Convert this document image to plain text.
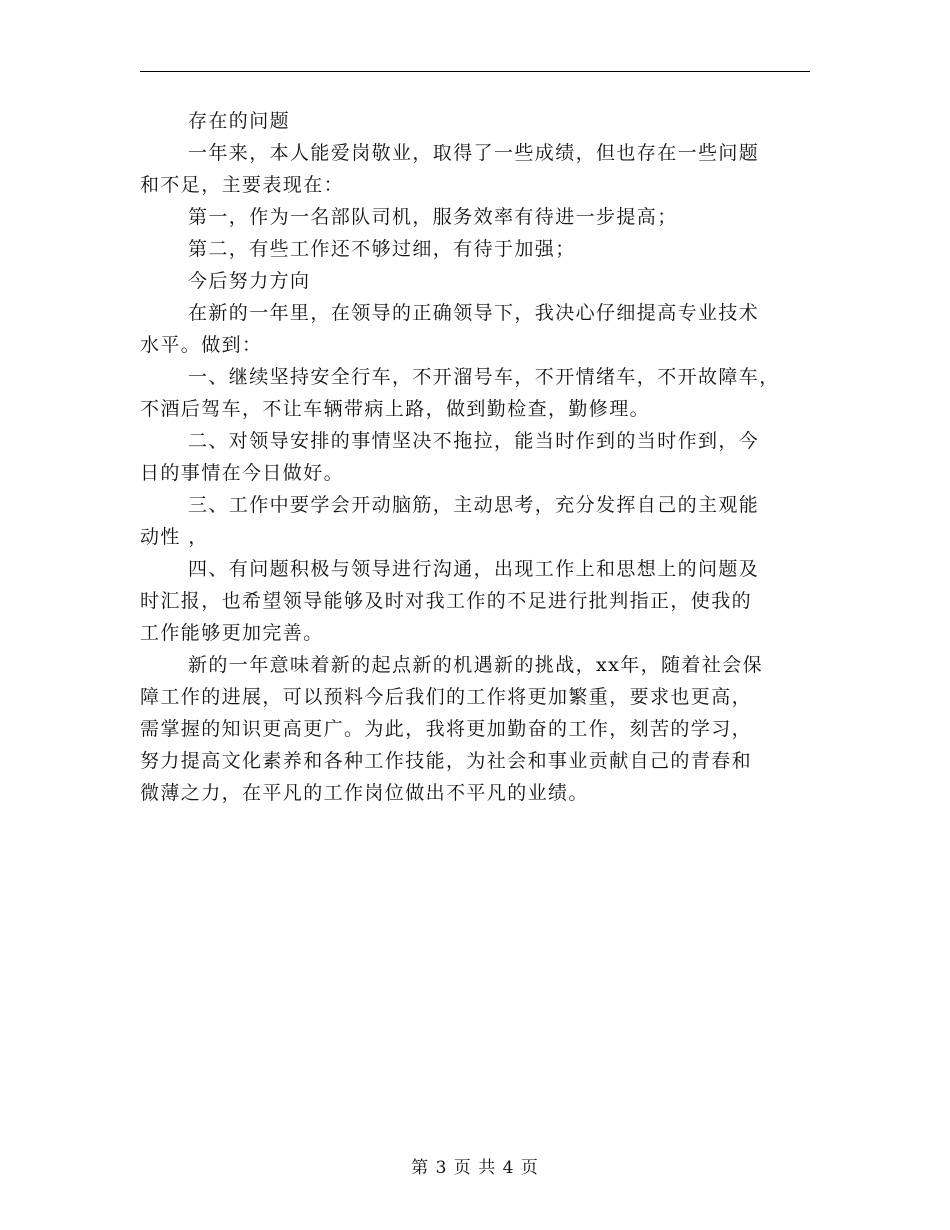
存在的问题

一年来，本人能爱岗敬业，取得了一些成绩，但也存在一些问题
和不足，主要表现在：

第一，作为一名部队司机，服务效率有待进一步提高；

第二，有些工作还不够过细，有待于加强；

今后努力方向

在新的一年里，在领导的正确领导下，我决心仔细提高专业技术
水平。做到：

一、继续坚持安全行车，不开溜号车，不开情绪车，不开故障车，
不酒后驾车，不让车辆带病上路，做到勤检查，勤修理。

二、对领导安排的事情坚决不拖拉，能当时作到的当时作到，今
日的事情在今日做好。

三、工作中要学会开动脑筋，主动思考，充分发挥自己的主观能
动性 ，

四、有问题积极与领导进行沟通，出现工作上和思想上的问题及
时汇报，也希望领导能够及时对我工作的不足进行批判指正，使我的
工作能够更加完善。

新的一年意味着新的起点新的机遇新的挑战，xx年，随着社会保
障工作的进展，可以预料今后我们的工作将更加繁重，要求也更高，
需掌握的知识更高更广。为此，我将更加勤奋的工作，刻苦的学习，
努力提高文化素养和各种工作技能，为社会和事业贡献自己的青春和
微薄之力，在平凡的工作岗位做出不平凡的业绩。

第 3 页 共 4 页
